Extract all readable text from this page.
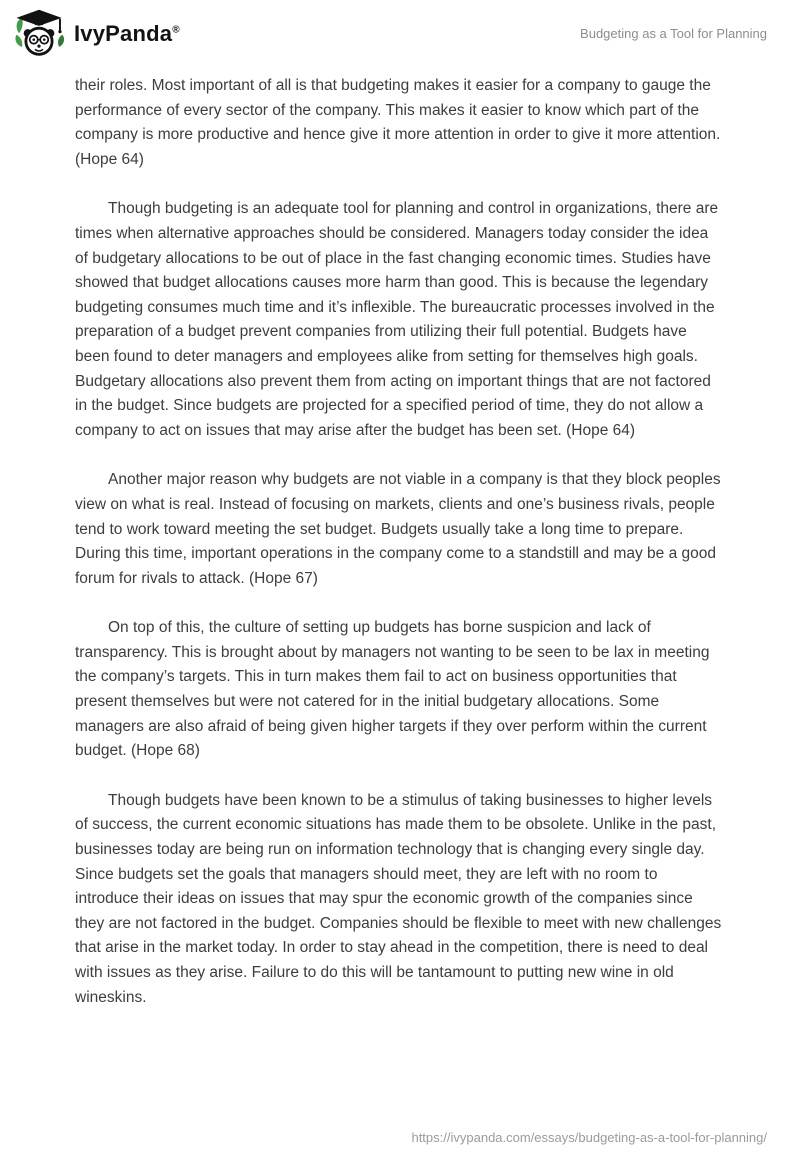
IvyPanda®	Budgeting as a Tool for Planning

their roles. Most important of all is that budgeting makes it easier for a company to gauge the performance of every sector of the company. This makes it easier to know which part of the company is more productive and hence give it more attention in order to give it more attention. (Hope 64)

Though budgeting is an adequate tool for planning and control in organizations, there are times when alternative approaches should be considered. Managers today consider the idea of budgetary allocations to be out of place in the fast changing economic times. Studies have showed that budget allocations causes more harm than good. This is because the legendary budgeting consumes much time and it’s inflexible. The bureaucratic processes involved in the preparation of a budget prevent companies from utilizing their full potential. Budgets have been found to deter managers and employees alike from setting for themselves high goals. Budgetary allocations also prevent them from acting on important things that are not factored in the budget. Since budgets are projected for a specified period of time, they do not allow a company to act on issues that may arise after the budget has been set. (Hope 64)

Another major reason why budgets are not viable in a company is that they block peoples view on what is real. Instead of focusing on markets, clients and one’s business rivals, people tend to work toward meeting the set budget. Budgets usually take a long time to prepare. During this time, important operations in the company come to a standstill and may be a good forum for rivals to attack. (Hope 67)

On top of this, the culture of setting up budgets has borne suspicion and lack of transparency. This is brought about by managers not wanting to be seen to be lax in meeting the company’s targets. This in turn makes them fail to act on business opportunities that present themselves but were not catered for in the initial budgetary allocations. Some managers are also afraid of being given higher targets if they over perform within the current budget. (Hope 68)

Though budgets have been known to be a stimulus of taking businesses to higher levels of success, the current economic situations has made them to be obsolete. Unlike in the past, businesses today are being run on information technology that is changing every single day. Since budgets set the goals that managers should meet, they are left with no room to introduce their ideas on issues that may spur the economic growth of the companies since they are not factored in the budget. Companies should be flexible to meet with new challenges that arise in the market today. In order to stay ahead in the competition, there is need to deal with issues as they arise. Failure to do this will be tantamount to putting new wine in old wineskins.

https://ivypanda.com/essays/budgeting-as-a-tool-for-planning/
